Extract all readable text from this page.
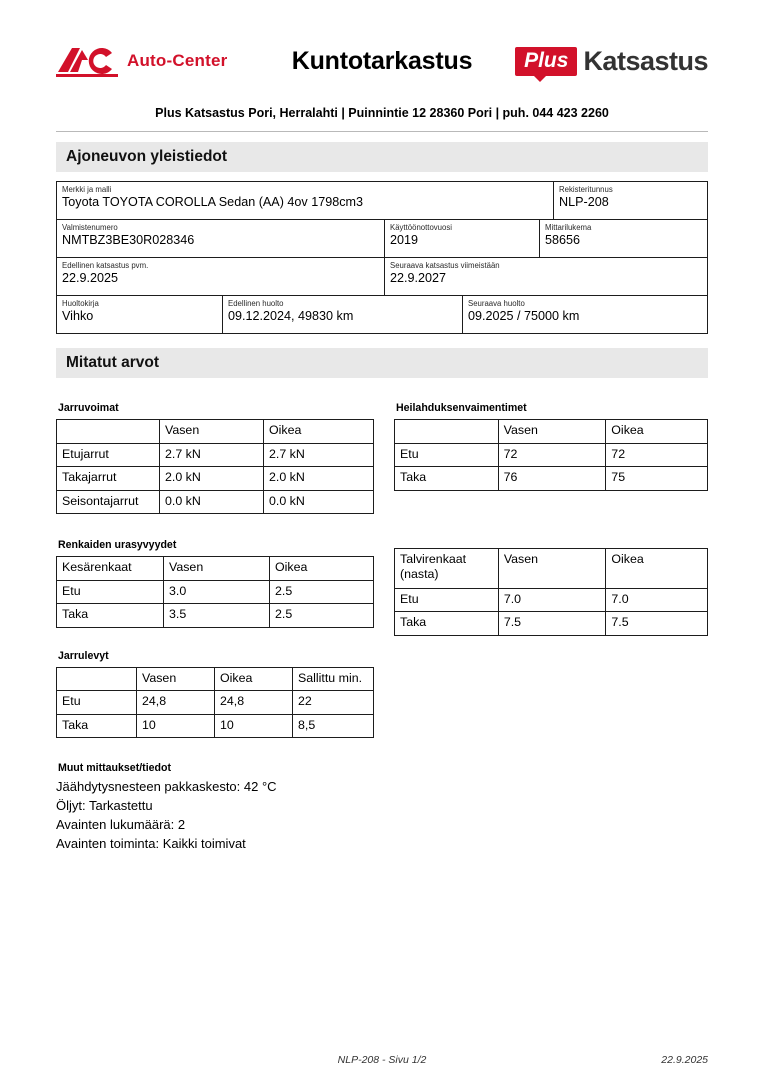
Auto-Center	Kuntotarkastus	Plus Katsastus
Plus Katsastus Pori, Herralahti | Puinnintie 12 28360 Pori | puh. 044 423 2260
Ajoneuvon yleistiedot
Merkki ja malli
Toyota TOYOTA COROLLA Sedan (AA) 4ov 1798cm3
Rekisteritunnus
NLP-208
Valmistenumero
NMTBZ3BE30R028346
Käyttöönottovuosi
2019
Mittarilukema
58656
Edellinen katsastus pvm.
22.9.2025
Seuraava katsastus viimeistään
22.9.2027
Huoltokirja
Vihko
Edellinen huolto
09.12.2024, 49830 km
Seuraava huolto
09.2025 / 75000 km
Mitatut arvot
Jarruvoimat
	Vasen	Oikea
Etujarrut	2.7 kN	2.7 kN
Takajarrut	2.0 kN	2.0 kN
Seisontajarrut	0.0 kN	0.0 kN
Renkaiden urasyvyydet
Kesärenkaat	Vasen	Oikea
Etu	3.0	2.5
Taka	3.5	2.5
Jarrulevyt
	Vasen	Oikea	Sallittu min.
Etu	24,8	24,8	22
Taka	10	10	8,5
Muut mittaukset/tiedot
Jäähdytysnesteen pakkaskesto: 42 °C
Öljyt: Tarkastettu
Avainten lukumäärä: 2
Avainten toiminta: Kaikki toimivat
Heilahduksenvaimentimet
	Vasen	Oikea
Etu	72	72
Taka	76	75
Talvirenkaat (nasta)	Vasen	Oikea
Etu	7.0	7.0
Taka	7.5	7.5
NLP-208 - Sivu 1/2	22.9.2025
